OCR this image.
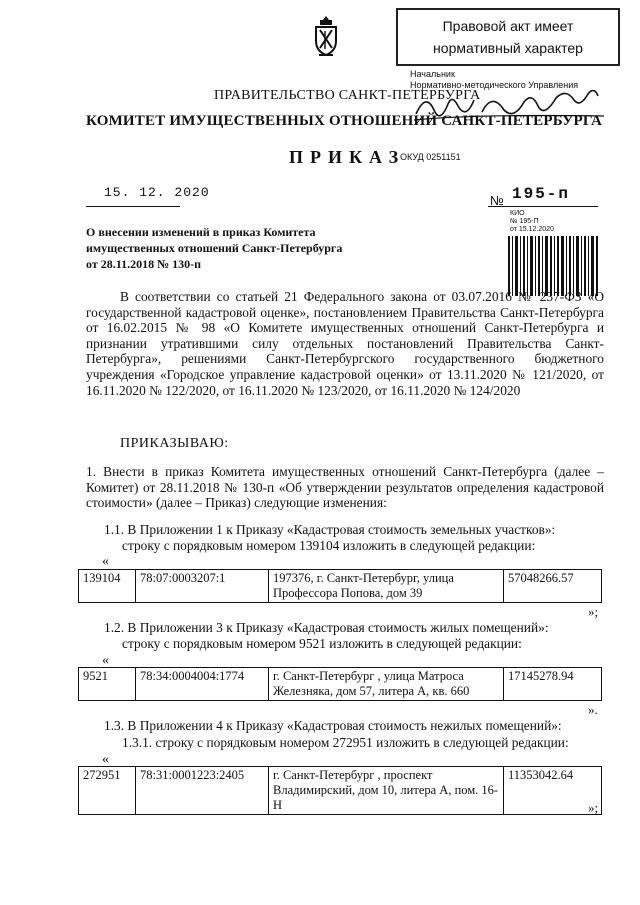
Правовой акт имеет
нормативный характер
Начальник
Нормативно-методического Управления
ПРАВИТЕЛЬСТВО САНКТ-ПЕТЕРБУРГА
КОМИТЕТ ИМУЩЕСТВЕННЫХ ОТНОШЕНИЙ САНКТ-ПЕТЕРБУРГА
ПРИКАЗ
ОКУД 0251151
15. 12. 2020
№ 195-п
КИО
№ 195-П
от 15.12.2020
О внесении изменений в приказ Комитета
имущественных отношений Санкт-Петербурга
от 28.11.2018 № 130-п
В соответствии со статьей 21 Федерального закона от 03.07.2016 № 237-ФЗ «О государственной кадастровой оценке», постановлением Правительства Санкт-Петербурга от 16.02.2015 № 98 «О Комитете имущественных отношений Санкт-Петербурга и признании утратившими силу отдельных постановлений Правительства Санкт-Петербурга», решениями Санкт-Петербургского государственного бюджетного учреждения «Городское управление кадастровой оценки» от 13.11.2020 № 121/2020, от 16.11.2020 № 122/2020, от 16.11.2020 № 123/2020, от 16.11.2020 № 124/2020
ПРИКАЗЫВАЮ:
1. Внести в приказ Комитета имущественных отношений Санкт-Петербурга (далее – Комитет) от 28.11.2018 № 130-п «Об утверждении результатов определения кадастровой стоимости» (далее – Приказ) следующие изменения:
1.1. В Приложении 1 к Приказу «Кадастровая стоимость земельных участков»:
строку с порядковым номером 139104 изложить в следующей редакции:
«
139104	78:07:0003207:1	197376, г. Санкт-Петербург, улица
Профессора Попова, дом 39
	57048266.57
»;
1.2. В Приложении 3 к Приказу «Кадастровая стоимость жилых помещений»:
строку с порядковым номером 9521 изложить в следующей редакции:
«
9521	78:34:0004004:1774	г. Санкт-Петербург , улица Матроса
Железняка, дом 57, литера А, кв. 660
	17145278.94
».
1.3. В Приложении 4 к Приказу «Кадастровая стоимость нежилых помещений»:
1.3.1. строку с порядковым номером 272951 изложить в следующей редакции:
«
272951	78:31:0001223:2405	г. Санкт-Петербург , проспект
Владимирский, дом 10, литера А, пом. 16-Н
	11353042.64
»;
